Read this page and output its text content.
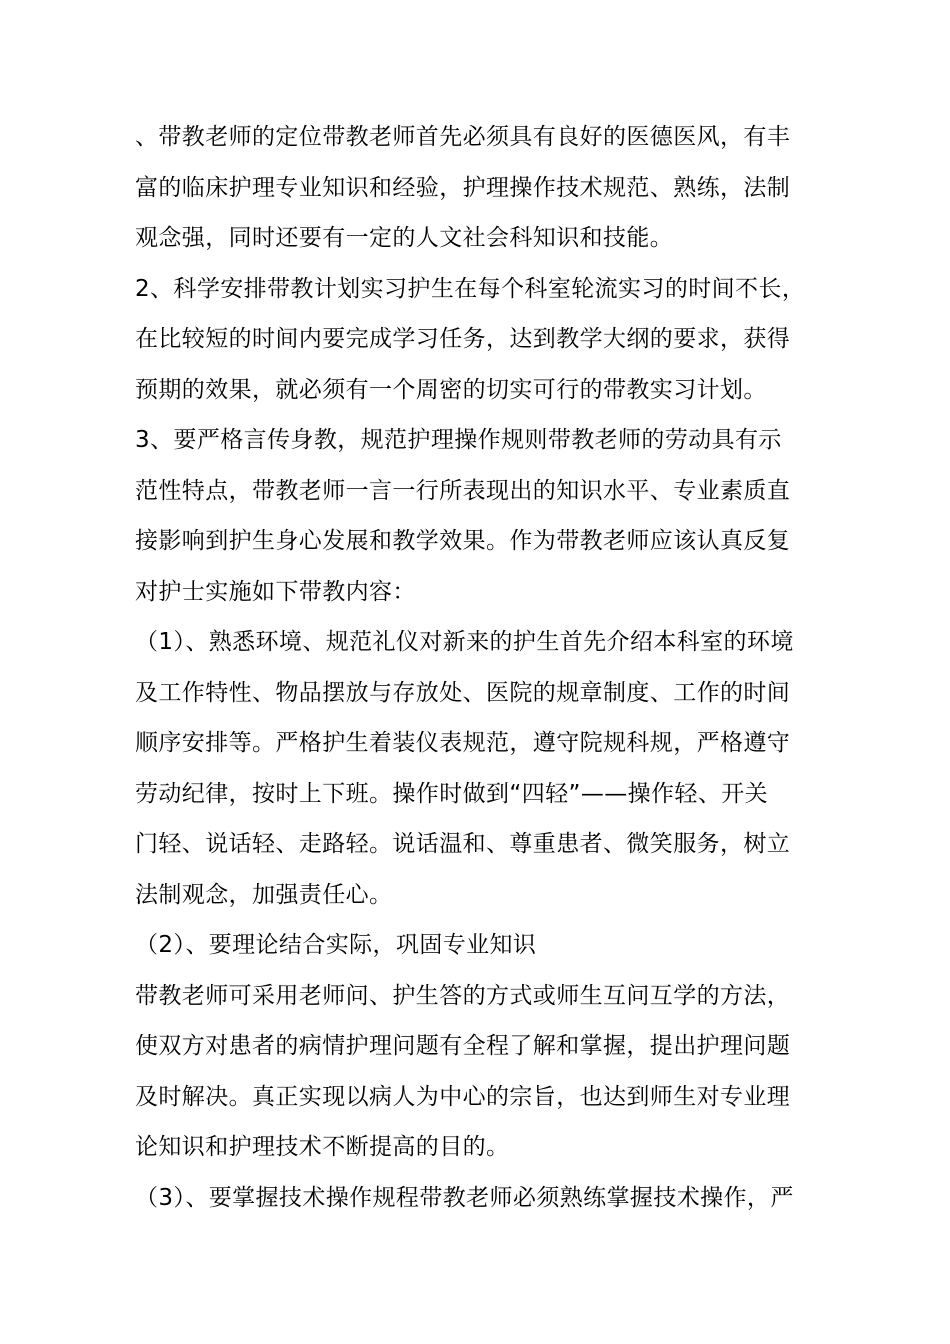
、带教老师的定位带教老师首先必须具有良好的医德医风，有丰
富的临床护理专业知识和经验，护理操作技术规范、熟练，法制
观念强，同时还要有一定的人文社会科知识和技能。
2、科学安排带教计划实习护生在每个科室轮流实习的时间不长，
在比较短的时间内要完成学习任务，达到教学大纲的要求，获得
预期的效果，就必须有一个周密的切实可行的带教实习计划。
3、要严格言传身教，规范护理操作规则带教老师的劳动具有示
范性特点，带教老师一言一行所表现出的知识水平、专业素质直
接影响到护生身心发展和教学效果。作为带教老师应该认真反复
对护士实施如下带教内容：
（1）、熟悉环境、规范礼仪对新来的护生首先介绍本科室的环境
及工作特性、物品摆放与存放处、医院的规章制度、工作的时间
顺序安排等。严格护生着装仪表规范，遵守院规科规，严格遵守
劳动纪律，按时上下班。操作时做到“四轻”——操作轻、开关
门轻、说话轻、走路轻。说话温和、尊重患者、微笑服务，树立
法制观念，加强责任心。
（2）、要理论结合实际，巩固专业知识
带教老师可采用老师问、护生答的方式或师生互问互学的方法，
使双方对患者的病情护理问题有全程了解和掌握，提出护理问题
及时解决。真正实现以病人为中心的宗旨，也达到师生对专业理
论知识和护理技术不断提高的目的。
（3）、要掌握技术操作规程带教老师必须熟练掌握技术操作，严
